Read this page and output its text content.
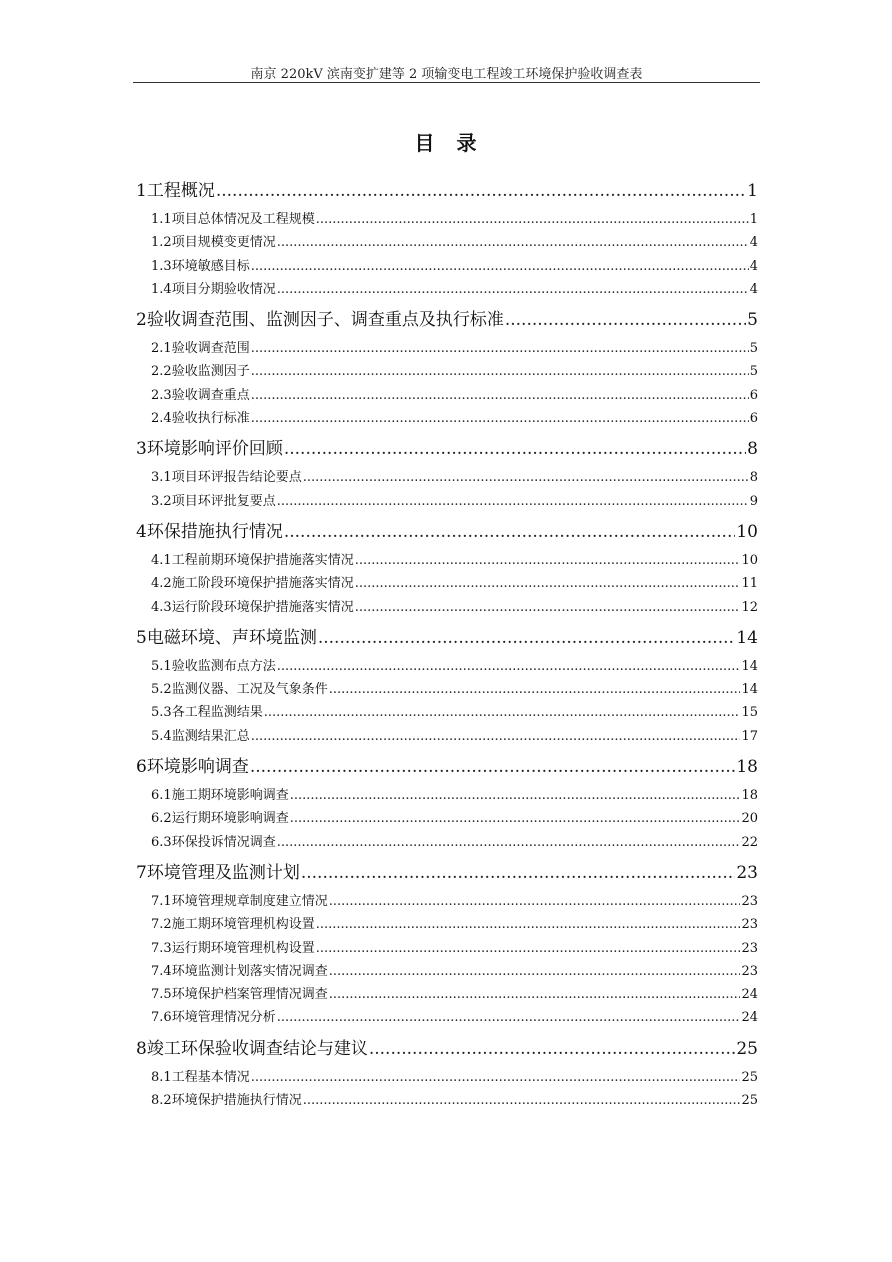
南京 220kV 滨南变扩建等 2 项输变电工程竣工环境保护验收调查表
目　录
1 工程概况 .....	1
1.1 项目总体情况及工程规模 .....	1
1.2 项目规模变更情况 .....	4
1.3 环境敏感目标 .....	4
1.4 项目分期验收情况 .....	4
2 验收调查范围、监测因子、调查重点及执行标准 .....	5
2.1 验收调查范围 .....	5
2.2 验收监测因子 .....	5
2.3 验收调查重点 .....	6
2.4 验收执行标准 .....	6
3 环境影响评价回顾 .....	8
3.1 项目环评报告结论要点 .....	8
3.2 项目环评批复要点 .....	9
4 环保措施执行情况 .....	10
4.1 工程前期环境保护措施落实情况 .....	10
4.2 施工阶段环境保护措施落实情况 .....	11
4.3 运行阶段环境保护措施落实情况 .....	12
5 电磁环境、声环境监测 .....	14
5.1 验收监测布点方法 .....	14
5.2 监测仪器、工况及气象条件 .....	14
5.3 各工程监测结果 .....	15
5.4 监测结果汇总 .....	17
6 环境影响调查 .....	18
6.1 施工期环境影响调查 .....	18
6.2 运行期环境影响调查 .....	20
6.3 环保投诉情况调查 .....	22
7 环境管理及监测计划 .....	23
7.1 环境管理规章制度建立情况 .....	23
7.2 施工期环境管理机构设置 .....	23
7.3 运行期环境管理机构设置 .....	23
7.4 环境监测计划落实情况调查 .....	23
7.5 环境保护档案管理情况调查 .....	24
7.6 环境管理情况分析 .....	24
8 竣工环保验收调查结论与建议 .....	25
8.1 工程基本情况 .....	25
8.2 环境保护措施执行情况 .....	25
